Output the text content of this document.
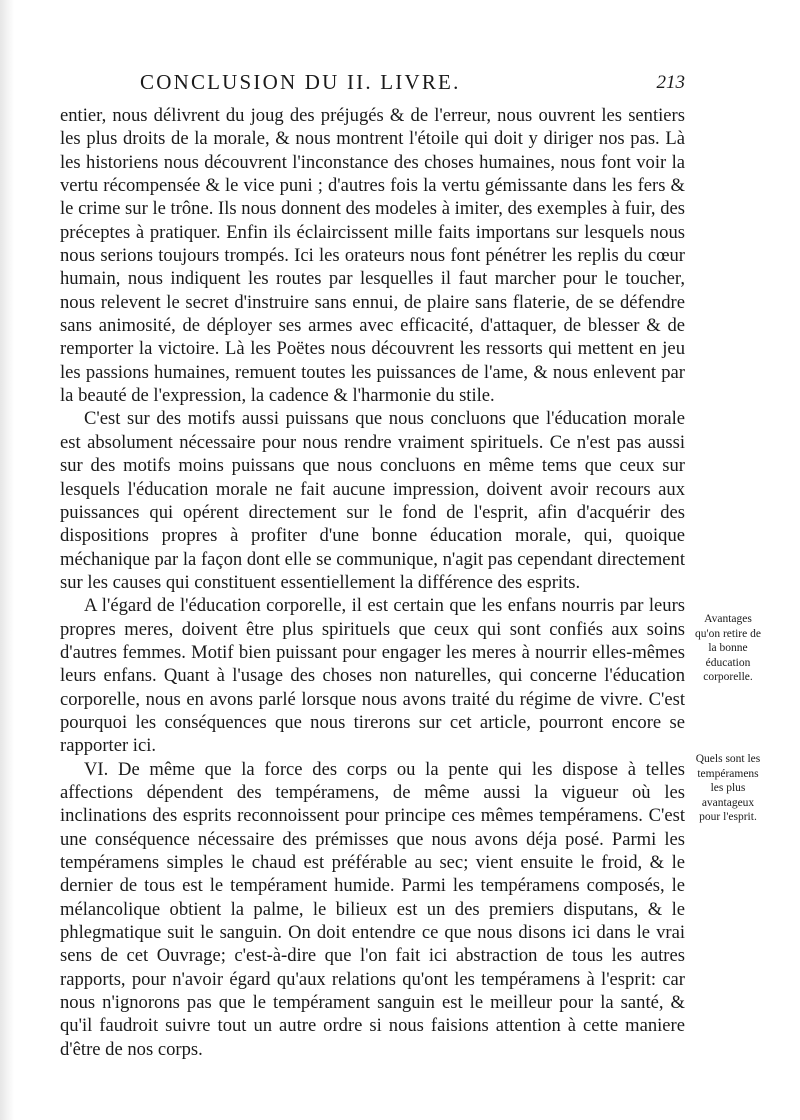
CONCLUSION DU II. LIVRE.	213

entier, nous délivrent du joug des préjugés & de l'erreur, nous ouvrent les sentiers les plus droits de la morale, & nous montrent l'étoile qui doit y diriger nos pas. Là les historiens nous découvrent l'inconstance des choses humaines, nous font voir la vertu récompensée & le vice puni ; d'autres fois la vertu gémissante dans les fers & le crime sur le trône. Ils nous donnent des modeles à imiter, des exemples à fuir, des préceptes à pratiquer. Enfin ils éclaircissent mille faits importans sur lesquels nous nous serions toujours trompés. Ici les orateurs nous font pénétrer les replis du cœur humain, nous indiquent les routes par lesquelles il faut marcher pour le toucher, nous relevent le secret d'instruire sans ennui, de plaire sans flaterie, de se défendre sans animosité, de déployer ses armes avec efficacité, d'attaquer, de blesser & de remporter la victoire. Là les Poëtes nous découvrent les ressorts qui mettent en jeu les passions humaines, remuent toutes les puissances de l'ame, & nous enlevent par la beauté de l'expression, la cadence & l'harmonie du stile.

C'est sur des motifs aussi puissans que nous concluons que l'éducation morale est absolument nécessaire pour nous rendre vraiment spirituels. Ce n'est pas aussi sur des motifs moins puissans que nous concluons en même tems que ceux sur lesquels l'éducation morale ne fait aucune impression, doivent avoir recours aux puissances qui opérent directement sur le fond de l'esprit, afin d'acquérir des dispositions propres à profiter d'une bonne éducation morale, qui, quoique méchanique par la façon dont elle se communique, n'agit pas cependant directement sur les causes qui constituent essentiellement la différence des esprits.

A l'égard de l'éducation corporelle, il est certain que les enfans nourris par leurs propres meres, doivent être plus spirituels que ceux qui sont confiés aux soins d'autres femmes. Motif bien puissant pour engager les meres à nourrir elles-mêmes leurs enfans. Quant à l'usage des choses non naturelles, qui concerne l'éducation corporelle, nous en avons parlé lorsque nous avons traité du régime de vivre. C'est pourquoi les conséquences que nous tirerons sur cet article, pourront encore se rapporter ici.

VI. De même que la force des corps ou la pente qui les dispose à telles affections dépendent des tempéramens, de même aussi la vigueur où les inclinations des esprits reconnoissent pour principe ces mêmes tempéramens. C'est une conséquence nécessaire des prémisses que nous avons déja posé. Parmi les tempéramens simples le chaud est préférable au sec; vient ensuite le froid, & le dernier de tous est le tempérament humide. Parmi les tempéramens composés, le mélancolique obtient la palme, le bilieux est un des premiers disputans, & le phlegmatique suit le sanguin. On doit entendre ce que nous disons ici dans le vrai sens de cet Ouvrage; c'est-à-dire que l'on fait ici abstraction de tous les autres rapports, pour n'avoir égard qu'aux relations qu'ont les tempéramens à l'esprit: car nous n'ignorons pas que le tempérament sanguin est le meilleur pour la santé, & qu'il faudroit suivre tout un autre ordre si nous faisions attention à cette maniere d'être de nos corps.

Avantages qu'on retire de la bonne éducation corporelle.
Quels sont les tempéramens les plus avantageux pour l'esprit.
